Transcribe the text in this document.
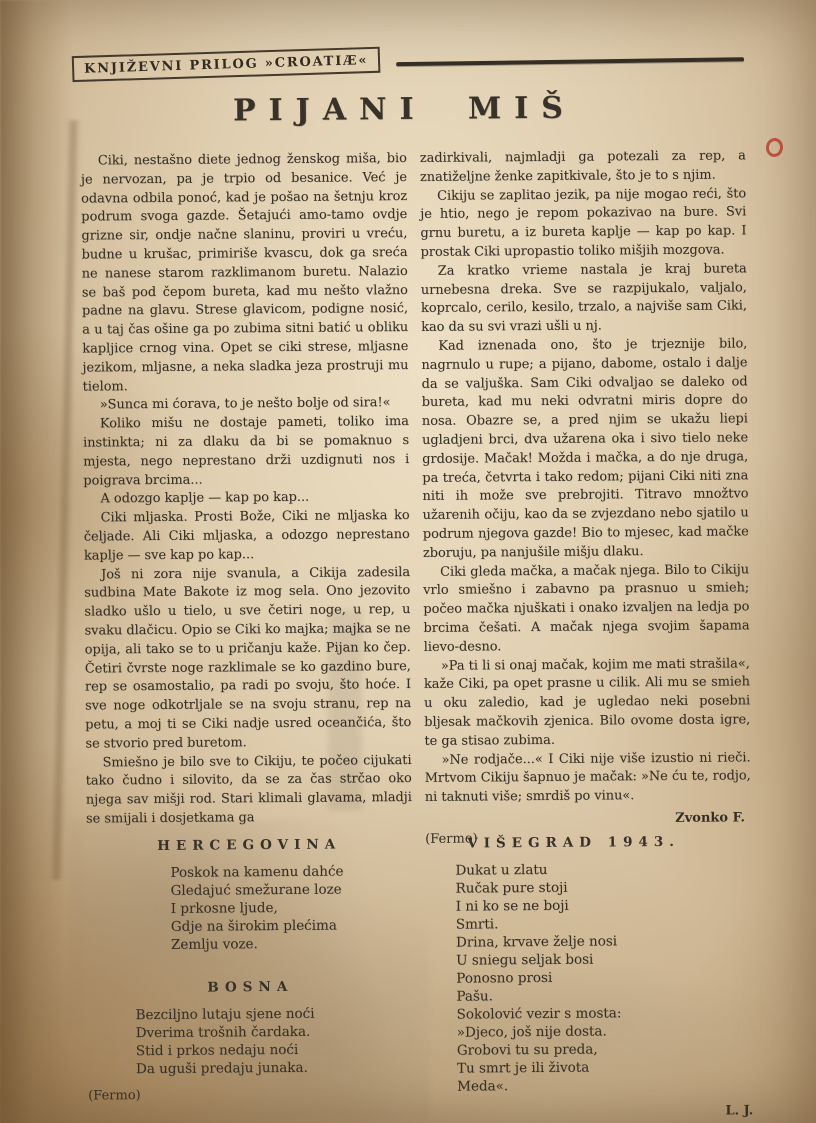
KNJIŽEVNI PRILOG »CROATIÆ«
PIJANI MIŠ

Ciki, nestašno diete jednog ženskog miša, bio je nervozan, pa je trpio od besanice. Već je odavna odbila ponoć, kad je pošao na šetnju kroz podrum svoga gazde. Šetajući amo-tamo ovdje grizne sir, ondje načne slaninu, proviri u vreću, budne u krušac, primiriše kvascu, dok ga sreća ne nanese starom razklimanom buretu. Nalazio se baš pod čepom bureta, kad mu nešto vlažno padne na glavu. Strese glavicom, podigne nosić, a u taj čas ošine ga po zubima sitni batić u obliku kapljice crnog vina. Opet se ciki strese, mljasne jezikom, mljasne, a neka sladka jeza prostruji mu tielom.

»Sunca mi ćorava, to je nešto bolje od sira!«

Koliko mišu ne dostaje pameti, toliko ima instinkta; ni za dlaku da bi se pomaknuo s mjesta, nego neprestano drži uzdignuti nos i poigrava brcima...

A odozgo kaplje — kap po kap...

Ciki mljaska. Prosti Bože, Ciki ne mljaska ko čeljade. Ali Ciki mljaska, a odozgo neprestano kaplje — sve kap po kap...

Još ni zora nije svanula, a Cikija zadesila sudbina Mate Bakote iz mog sela. Ono jezovito sladko ušlo u tielo, u sve četiri noge, u rep, u svaku dlačicu. Opio se Ciki ko majka; majka se ne opija, ali tako se to u pričanju kaže. Pijan ko čep. Četiri čvrste noge razklimale se ko gazdino bure, rep se osamostalio, pa radi po svoju, što hoće. I sve noge odkotrljale se na svoju stranu, rep na petu, a moj ti se Ciki nadje usred oceančića, što se stvorio pred buretom.

Smiešno je bilo sve to Cikiju, te počeo cijukati tako čudno i silovito, da se za čas strčao oko njega sav mišji rod. Stari klimali glavama, mladji se smijali i dosjetkama ga

zadirkivali, najmladji ga potezali za rep, a znatiželjne ženke zapitkivale, što je to s njim.

Cikiju se zaplitao jezik, pa nije mogao reći, što je htio, nego je repom pokazivao na bure. Svi grnu buretu, a iz bureta kaplje — kap po kap. I prostak Ciki upropastio toliko mišjih mozgova.

Za kratko vrieme nastala je kraj bureta urnebesna dreka. Sve se razpijukalo, valjalo, koprcalo, cerilo, kesilo, trzalo, a najviše sam Ciki, kao da su svi vrazi ušli u nj.

Kad iznenada ono, što je trjeznije bilo, nagrnulo u rupe; a pijano, dabome, ostalo i dalje da se valjuška. Sam Ciki odvaljao se daleko od bureta, kad mu neki odvratni miris dopre do nosa. Obazre se, a pred njim se ukažu liepi ugladjeni brci, dva užarena oka i sivo tielo neke grdosije. Mačak! Možda i mačka, a do nje druga, pa treća, četvrta i tako redom; pijani Ciki niti zna niti ih može sve prebrojiti. Titravo množtvo užarenih očiju, kao da se zvjezdano nebo sjatilo u podrum njegova gazde! Bio to mjesec, kad mačke zboruju, pa nanjušile mišju dlaku.

Ciki gleda mačka, a mačak njega. Bilo to Cikiju vrlo smiešno i zabavno pa prasnuo u smieh; počeo mačka njuškati i onako izvaljen na ledja po brcima češati. A mačak njega svojim šapama lievo-desno.

»Pa ti li si onaj mačak, kojim me mati strašila«, kaže Ciki, pa opet prasne u cilik. Ali mu se smieh u oku zaledio, kad je ugledao neki posebni bljesak mačkovih zjenica. Bilo ovome dosta igre, te ga stisao zubima.

»Ne rodjače...« I Ciki nije više izustio ni rieči. Mrtvom Cikiju šapnuo je mačak: »Ne ću te, rodjo, ni taknuti više; smrdiš po vinu«.

Zvonko F.
(Fermo)
HERCEGOVINA
Poskok na kamenu dahće
Gledajuć smežurane loze
I prkosne ljude,
Gdje na širokim plećima
Zemlju voze.
BOSNA
Bezciljno lutaju sjene noći
Dverima trošnih čardaka.
Stid i prkos nedaju noći
Da uguši predaju junaka.
(Fermo)
VIŠEGRAD 1943.
Dukat u zlatu
Ručak pure stoji
I ni ko se ne boji
Smrti.
Drina, krvave želje nosi
U sniegu seljak bosi
Ponosno prosi
Pašu.
Sokolović vezir s mosta:
»Djeco, još nije dosta.
Grobovi tu su preda,
Tu smrt je ili života
Meda«.
L. J.
